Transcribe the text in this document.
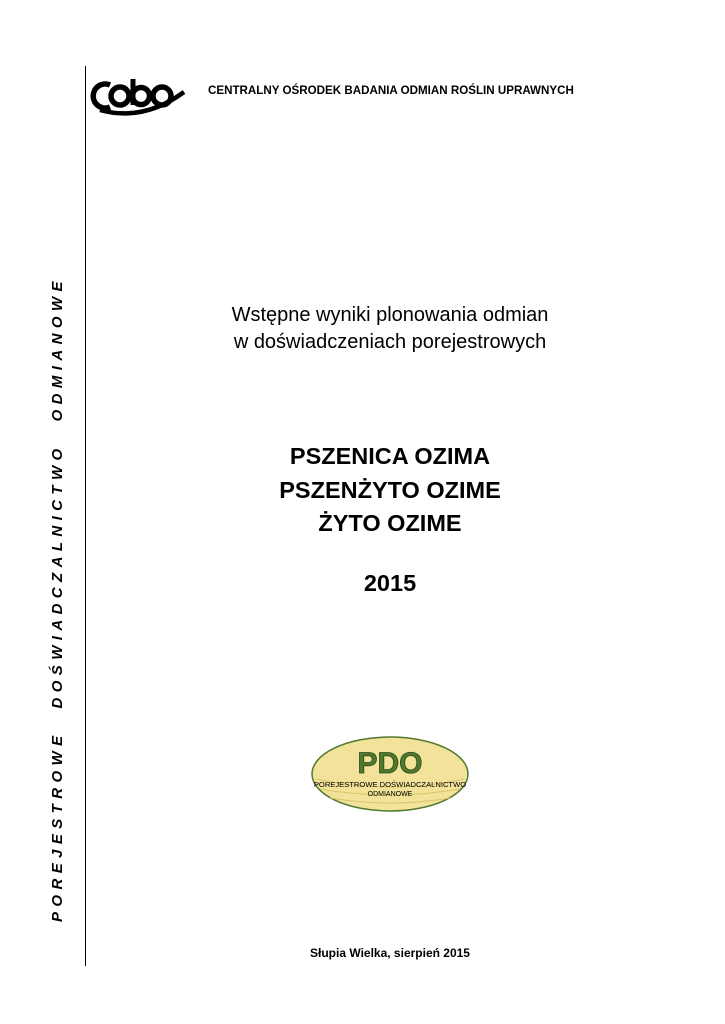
POREJESTROWEDOŚWIADCZALNICTWOODMIANOWE
CENTRALNY OŚRODEK BADANIA ODMIAN ROŚLIN UPRAWNYCH
Wstępne wyniki plonowania odmian
w doświadczeniach porejestrowych
PSZENICA OZIMA
PSZENŻYTO OZIME
ŻYTO OZIME
2015
PDO
POREJESTROWE DOŚWIADCZALNICTWO
ODMIANOWE
Słupia Wielka, sierpień 2015
